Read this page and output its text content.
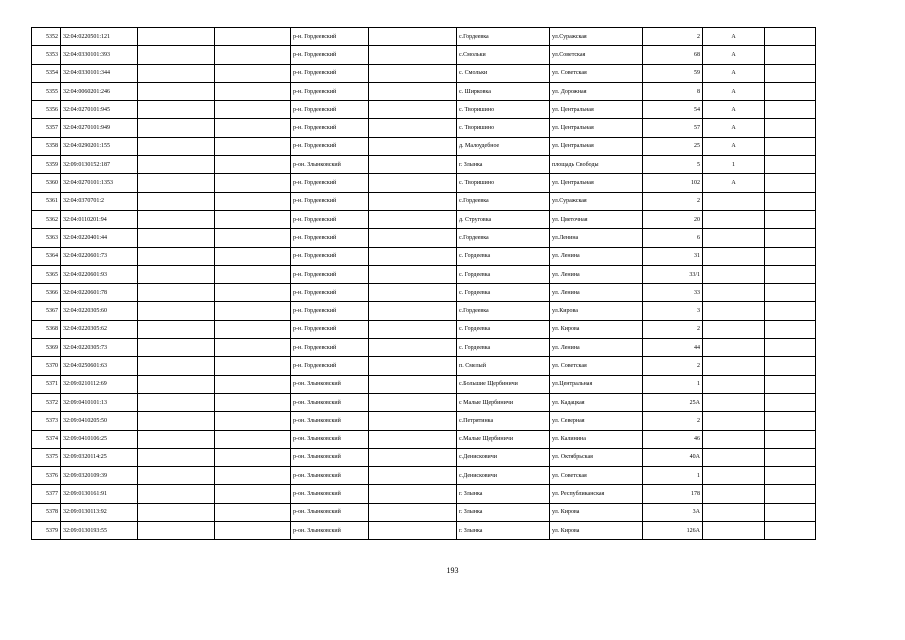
5352	32:04:0220501:121			р-н. Гордеевский		с.Гордеевка	ул.Суражская	2	А	
5353	32:04:0330101:393			р-н. Гордеевский		с.Смольки	ул.Советская	68	А	
5354	32:04:0330101:344			р-н. Гордеевский		с. Смольки	ул. Советская	59	А	
5355	32:04:0060201:246			р-н. Гордеевский		с. Ширковка	ул. Дорожная	8	А	
5356	32:04:0270101:945			р-н. Гордеевский		с. Творишино	ул. Центральная	54	А	
5357	32:04:0270101:949			р-н. Гордеевский		с. Творишино	ул. Центральная	57	А	
5358	32:04:0290201:155			р-н. Гордеевский		д. Малоудебное	ул. Центральная	25	А	
5359	32:09:0130152:187			р-он. Злынковский		г. Злынка	площадь Свободы	5	1	
5360	32:04:0270101:1353			р-н. Гордеевский		с. Творишино	ул. Центральная	102	А	
5361	32:04:0370701:2			р-н. Гордеевский		с.Гордеевка	ул.Суражская	2		
5362	32:04:0110201:94			р-н. Гордеевский		д. Струговка	ул. Цветочная	20		
5363	32:04:0220401:44			р-н. Гордеевский		с.Гордеевка	ул.Ленина	6		
5364	32:04:0220601:73			р-н. Гордеевский		с. Гордеевка	ул. Ленина	31		
5365	32:04:0220601:93			р-н. Гордеевский		с. Гордеевка	ул. Ленина	33/1		
5366	32:04:0220601:78			р-н. Гордеевский		с. Гордеевка	ул. Ленина	33		
5367	32:04:0220305:60			р-н. Гордеевский		с.Гордеевка	ул.Кирова	3		
5368	32:04:0220305:62			р-н. Гордеевский		с. Гордеевка	ул. Кирова	2		
5369	32:04:0220305:73			р-н. Гордеевский		с. Гордеевка	ул. Ленина	44		
5370	32:04:0250601:63			р-н. Гордеевский		п. Смелый	ул. Советская	2		
5371	32:09:0210112:69			р-он. Злынковский		с.Большие Щербиничи	ул.Центральная	1		
5372	32:09:0410101:13			р-он. Злынковский		с Малые Щербиничи	ул. Кадацкая	25А		
5373	32:09:0410205:50			р-он. Злынковский		с.Петрятинка	ул. Северная	2		
5374	32:09:0410106:25			р-он. Злынковский		с.Малые Щербиничи	ул. Калинина	46		
5375	32:09:0320114:25			р-он. Злынковский		с.Денисковичи	ул. Октябрьская	40А		
5376	32:09:0320109:39			р-он. Злынковский		с.Денисковичи	ул. Советская	1		
5377	32:09:0130161:91			р-он. Злынковский		г. Злынка	ул. Республиканская	178		
5378	32:09:0130113:92			р-он. Злынковский		г. Злынка	ул. Кирова	3А		
5379	32:09:0130193:55			р-он. Злынковский		г. Злынка	ул. Кирова	126А		
193
